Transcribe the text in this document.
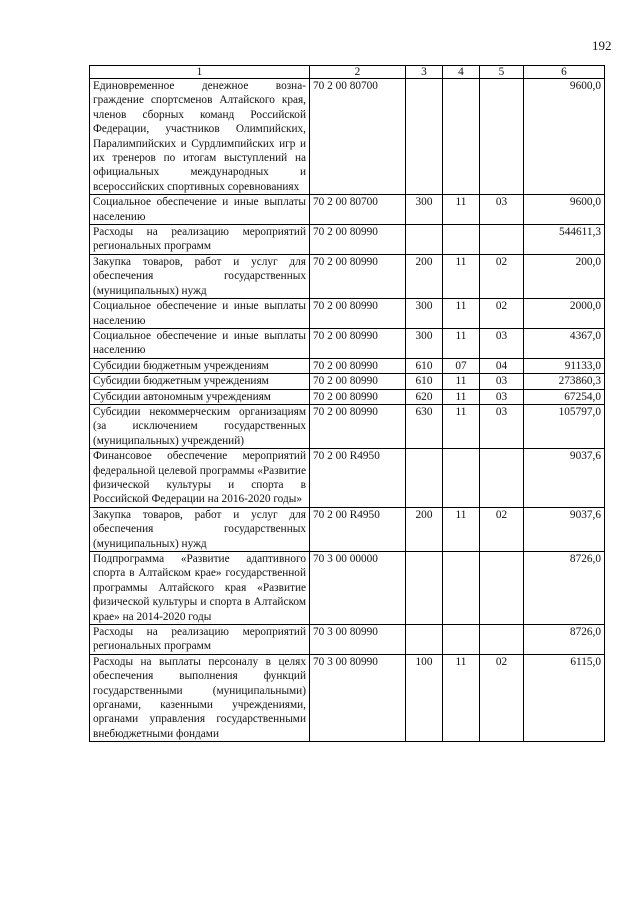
192
1	2	3	4	5	6
Единовременное денежное возна-граждение спортсменов Алтайского края, членов сборных команд Российской Федерации, участников Олимпийских, Паралимпийских и Сурдлимпийских игр и их тренеров по итогам выступлений на официальных международных и всероссийских спортивных соревнованиях	70 2 00 80700				9600,0
Социальное обеспечение и иные выплаты населению	70 2 00 80700	300	11	03	9600,0
Расходы на реализацию мероприятий региональных программ	70 2 00 80990				544611,3
Закупка товаров, работ и услуг для обеспечения государственных (муниципальных) нужд	70 2 00 80990	200	11	02	200,0
Социальное обеспечение и иные выплаты населению	70 2 00 80990	300	11	02	2000,0
Социальное обеспечение и иные выплаты населению	70 2 00 80990	300	11	03	4367,0
Субсидии бюджетным учреждениям	70 2 00 80990	610	07	04	91133,0
Субсидии бюджетным учреждениям	70 2 00 80990	610	11	03	273860,3
Субсидии автономным учреждениям	70 2 00 80990	620	11	03	67254,0
Субсидии некоммерческим организациям (за исключением государственных (муниципальных) учреждений)	70 2 00 80990	630	11	03	105797,0
Финансовое обеспечение мероприятий федеральной целевой программы «Развитие физической культуры и спорта в Российской Федерации на 2016-2020 годы»	70 2 00 R4950				9037,6
Закупка товаров, работ и услуг для обеспечения государственных (муниципальных) нужд	70 2 00 R4950	200	11	02	9037,6
Подпрограмма «Развитие адаптивного спорта в Алтайском крае» государственной программы Алтайского края «Развитие физической культуры и спорта в Алтайском крае» на 2014-2020 годы	70 3 00 00000				8726,0
Расходы на реализацию мероприятий региональных программ	70 3 00 80990				8726,0
Расходы на выплаты персоналу в целях обеспечения выполнения функций государственными (муниципальными) органами, казенными учреждениями, органами управления государственными внебюджетными фондами	70 3 00 80990	100	11	02	6115,0
